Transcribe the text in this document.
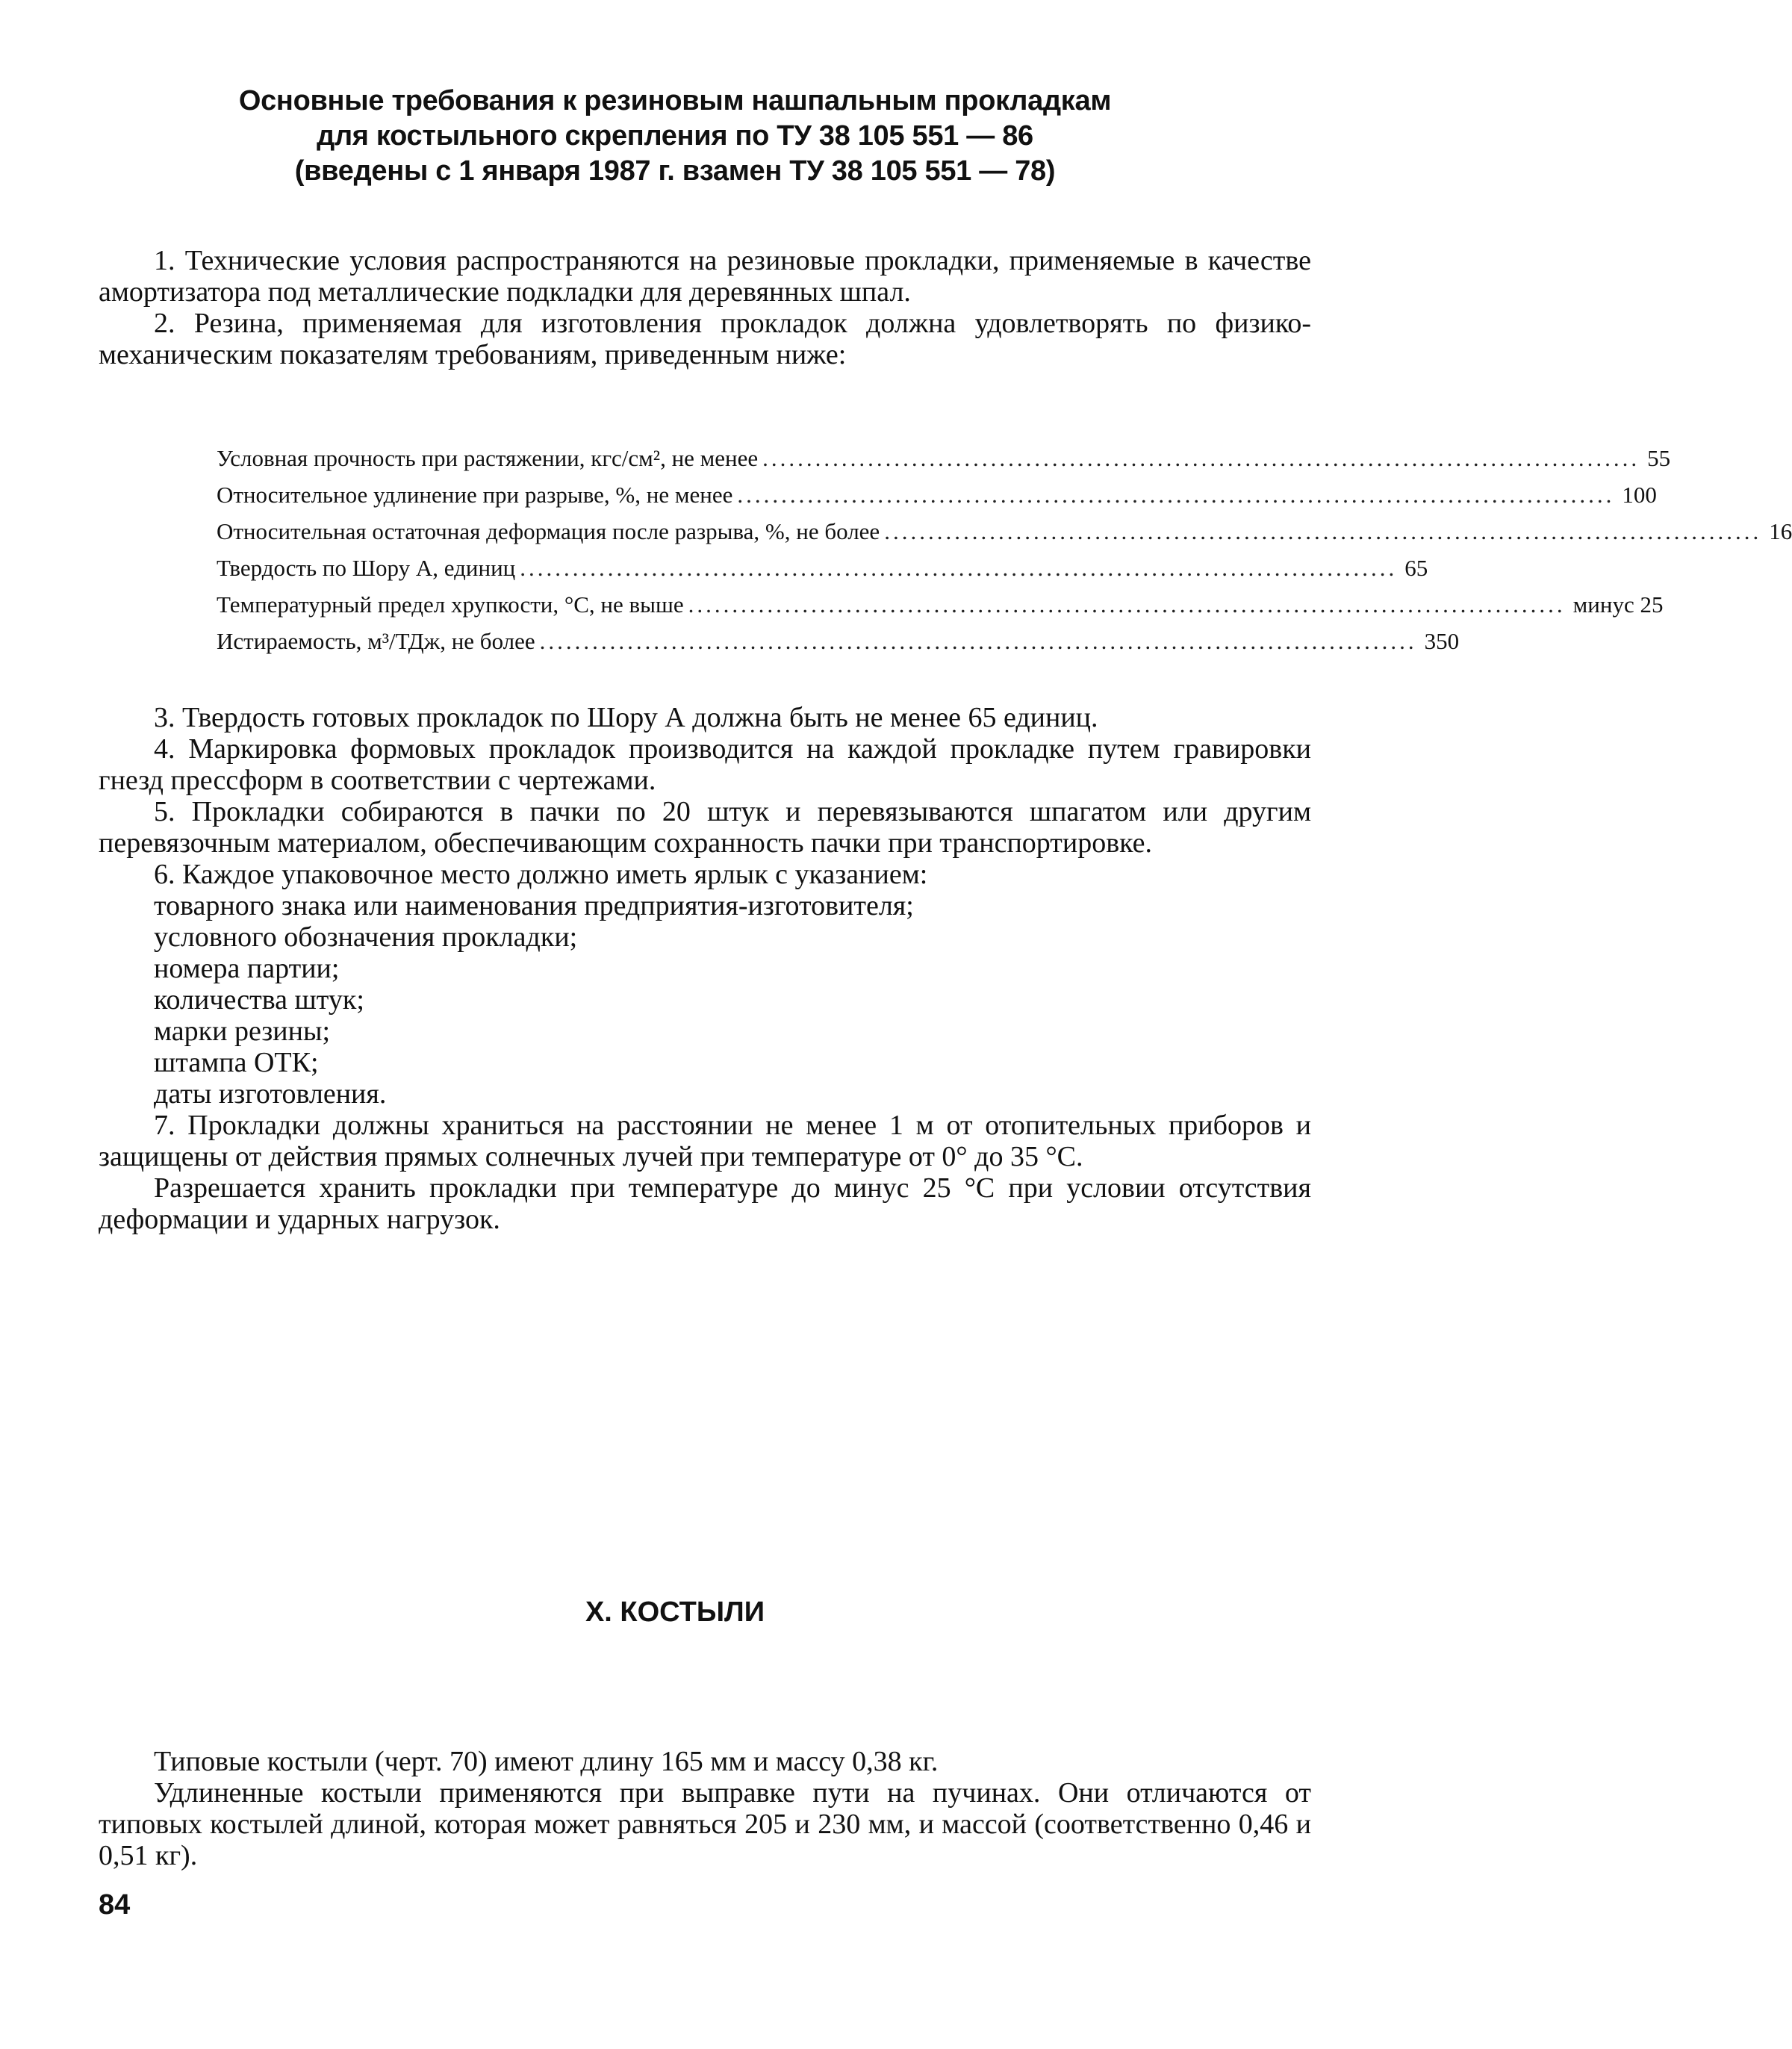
Основные требования к резиновым нашпальным прокладкам
для костыльного скрепления по ТУ 38 105 551 — 86
(введены с 1 января 1987 г. взамен ТУ 38 105 551 — 78)
1. Технические условия распространяются на резиновые прокладки, применяемые в качестве амортизатора под металлические подкладки для деревянных шпал.
2. Резина, применяемая для изготовления прокладок должна удовлетворять по физико-механическим показателям требованиям, приведенным ниже:
Условная прочность при растяжении, кгс/см², не менее .................................................................................................... 55
Относительное удлинение при разрыве, %, не менее .................................................................................................... 100
Относительная остаточная деформация после разрыва, %, не более .................................................................................................... 16
Твердость по Шору А, единиц .................................................................................................... 65
Температурный предел хрупкости, °С, не выше .................................................................................................... минус 25
Истираемость, м³/ТДж, не более .................................................................................................... 350
3. Твердость готовых прокладок по Шору А должна быть не менее 65 единиц.
4. Маркировка формовых прокладок производится на каждой прокладке путем гравировки гнезд прессформ в соответствии с чертежами.
5. Прокладки собираются в пачки по 20 штук и перевязываются шпагатом или другим перевязочным материалом, обеспечивающим сохранность пачки при транспортировке.
6. Каждое упаковочное место должно иметь ярлык с указанием:
товарного знака или наименования предприятия-изготовителя;
условного обозначения прокладки;
номера партии;
количества штук;
марки резины;
штампа ОТК;
даты изготовления.
7. Прокладки должны храниться на расстоянии не менее 1 м от отопительных приборов и защищены от действия прямых солнечных лучей при температуре от 0° до 35 °С.
Разрешается хранить прокладки при температуре до минус 25 °С при условии отсутствия деформации и ударных нагрузок.
X. КОСТЫЛИ
Типовые костыли (черт. 70) имеют длину 165 мм и массу 0,38 кг.
Удлиненные костыли применяются при выправке пути на пучинах. Они отличаются от типовых костылей длиной, которая может равняться 205 и 230 мм, и массой (соответственно 0,46 и 0,51 кг).
84
